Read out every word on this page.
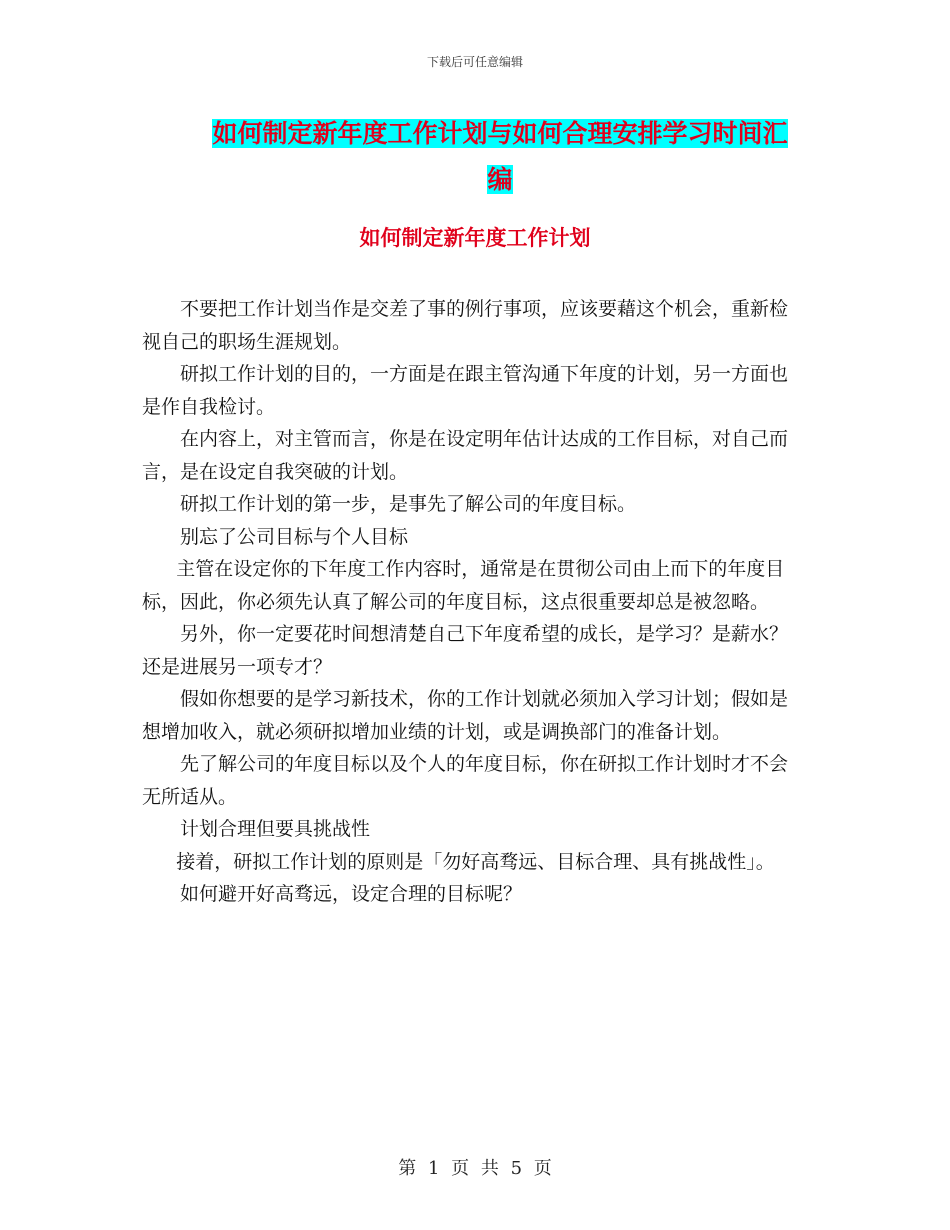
下载后可任意编辑
如何制定新年度工作计划与如何合理安排学习时间汇
编
如何制定新年度工作计划

不要把工作计划当作是交差了事的例行事项，应该要藉这个机会，重新检视自己的职场生涯规划。

研拟工作计划的目的，一方面是在跟主管沟通下年度的计划，另一方面也是作自我检讨。

在内容上，对主管而言，你是在设定明年估计达成的工作目标，对自己而言，是在设定自我突破的计划。

研拟工作计划的第一步，是事先了解公司的年度目标。

别忘了公司目标与个人目标

主管在设定你的下年度工作内容时，通常是在贯彻公司由上而下的年度目标，因此，你必须先认真了解公司的年度目标，这点很重要却总是被忽略。

另外，你一定要花时间想清楚自己下年度希望的成长，是学习？是薪水？还是进展另一项专才？

假如你想要的是学习新技术，你的工作计划就必须加入学习计划；假如是想增加收入，就必须研拟增加业绩的计划，或是调换部门的准备计划。

先了解公司的年度目标以及个人的年度目标，你在研拟工作计划时才不会无所适从。

计划合理但要具挑战性

接着，研拟工作计划的原则是「勿好高骛远、目标合理、具有挑战性」。

如何避开好高骛远，设定合理的目标呢？

第 1 页 共 5 页
